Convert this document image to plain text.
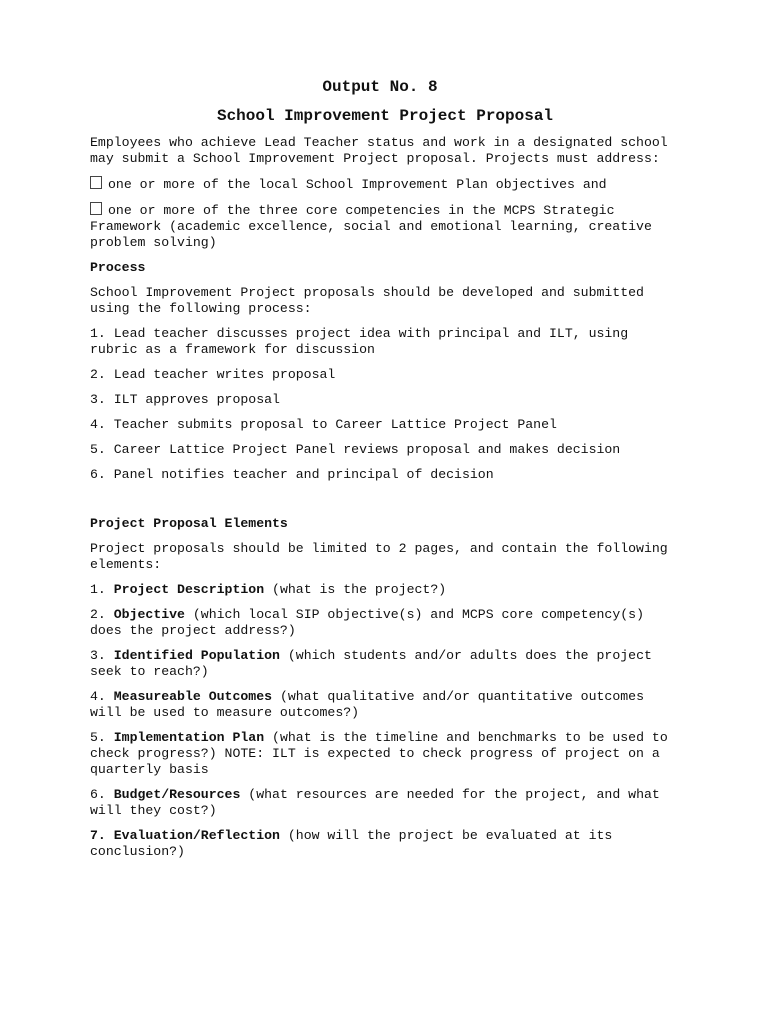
Output No. 8
School Improvement Project Proposal

Employees who achieve Lead Teacher status and work in a designated school may submit a School Improvement Project proposal. Projects must address:

one or more of the local School Improvement Plan objectives and

one or more of the three core competencies in the MCPS Strategic Framework (academic excellence, social and emotional learning, creative problem solving)

Process

School Improvement Project proposals should be developed and submitted using the following process:

1. Lead teacher discusses project idea with principal and ILT, using rubric as a framework for discussion

2. Lead teacher writes proposal

3. ILT approves proposal

4. Teacher submits proposal to Career Lattice Project Panel

5. Career Lattice Project Panel reviews proposal and makes decision

6. Panel notifies teacher and principal of decision

Project Proposal Elements

Project proposals should be limited to 2 pages, and contain the following elements:

1. Project Description (what is the project?)

2. Objective (which local SIP objective(s) and MCPS core competency(s) does the project address?)

3. Identified Population (which students and/or adults does the project seek to reach?)

4. Measureable Outcomes (what qualitative and/or quantitative outcomes will be used to measure outcomes?)

5. Implementation Plan (what is the timeline and benchmarks to be used to check progress?) NOTE: ILT is expected to check progress of project on a quarterly basis

6. Budget/Resources (what resources are needed for the project, and what will they cost?)

7. Evaluation/Reflection (how will the project be evaluated at its conclusion?)
